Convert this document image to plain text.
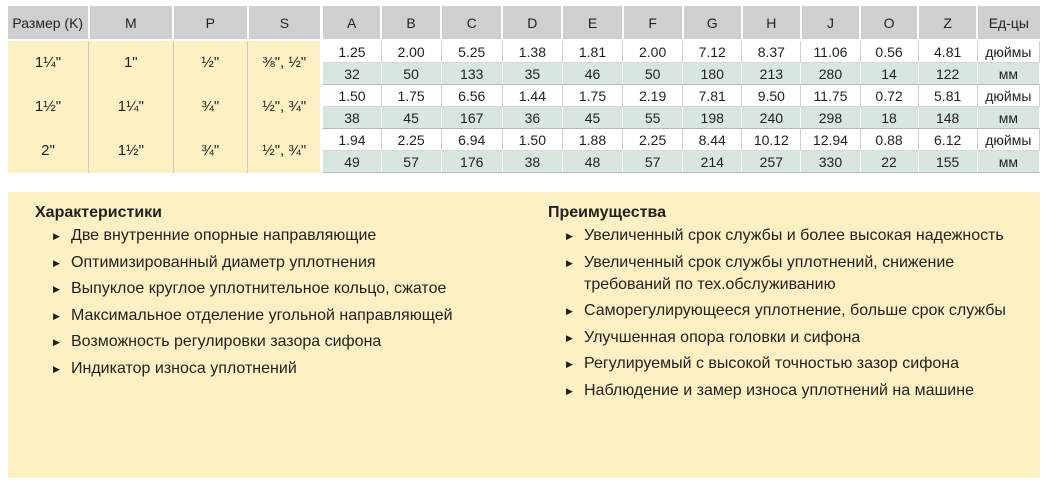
Размер (K)	M	P	S	A	B	C	D	E	F	G	H	J	O	Z	Ед-цы
1¼"	1"	½"	⅜", ½"	1.25	2.00	5.25	1.38	1.81	2.00	7.12	8.37	11.06	0.56	4.81	дюймы
				32	50	133	35	46	50	180	213	280	14	122	мм
1½"	1¼"	¾"	½", ¾"	1.50	1.75	6.56	1.44	1.75	2.19	7.81	9.50	11.75	0.72	5.81	дюймы
				38	45	167	36	45	55	198	240	298	18	148	мм
2"	1½"	¾"	½", ¾"	1.94	2.25	6.94	1.50	1.88	2.25	8.44	10.12	12.94	0.88	6.12	дюймы
				49	57	176	38	48	57	214	257	330	22	155	мм
Характеристики
▶ Две внутренние опорные направляющие
▶ Оптимизированный диаметр уплотнения
▶ Выпуклое круглое уплотнительное кольцо, сжатое
▶ Максимальное отделение угольной направляющей
▶ Возможность регулировки зазора сифона
▶ Индикатор износа уплотнений
Преимущества
▶ Увеличенный срок службы и более высокая надежность
▶ Увеличенный срок службы уплотнений, снижение требований по тех.обслуживанию
▶ Саморегулирующееся уплотнение, больше срок службы
▶ Улучшенная опора головки и сифона
▶ Регулируемый с высокой точностью зазор сифона
▶ Наблюдение и замер износа уплотнений на машине
